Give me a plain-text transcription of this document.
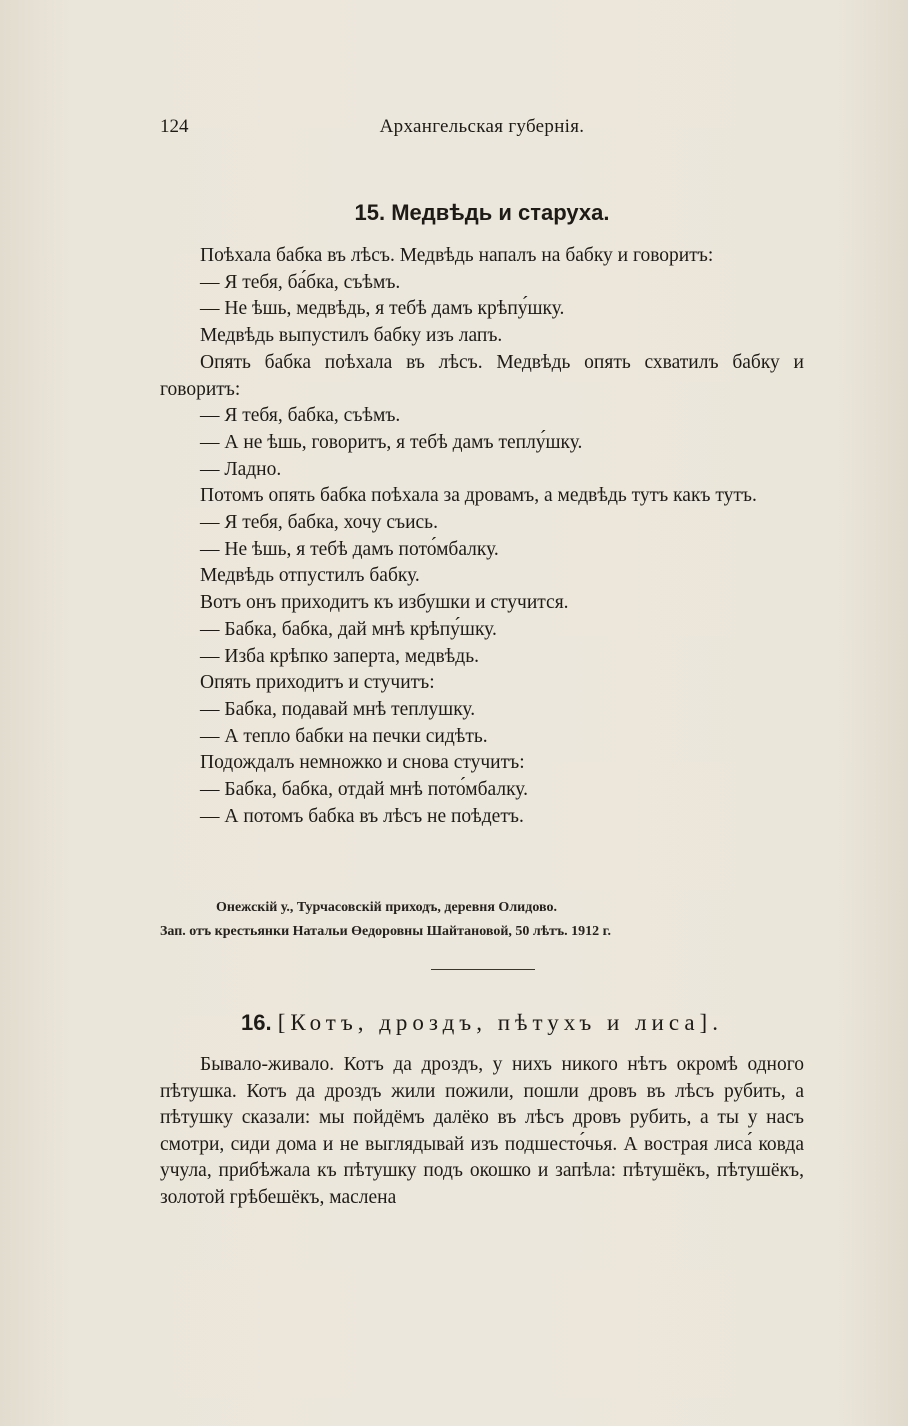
124	Архангельская губернія.
15. Медвѣдь и старуха.

Поѣхала бабка въ лѣсъ. Медвѣдь напалъ на бабку и говоритъ:

— Я тебя, ба́бка, съѣмъ.

— Не ѣшь, медвѣдь, я тебѣ дамъ крѣпу́шку.

Медвѣдь выпустилъ бабку изъ лапъ.

Опять бабка поѣхала въ лѣсъ. Медвѣдь опять схватилъ бабку и говоритъ:

— Я тебя, бабка, съѣмъ.

— А не ѣшь, говоритъ, я тебѣ дамъ теплу́шку.

— Ладно.

Потомъ опять бабка поѣхала за дровамъ, а медвѣдь тутъ какъ тутъ.

— Я тебя, бабка, хочу съись.

— Не ѣшь, я тебѣ дамъ пото́мбалку.

Медвѣдь отпустилъ бабку.

Вотъ онъ приходитъ къ избушки и стучится.

— Бабка, бабка, дай мнѣ крѣпу́шку.

— Изба крѣпко заперта, медвѣдь.

Опять приходитъ и стучитъ:

— Бабка, подавай мнѣ теплушку.

— А тепло бабки на печки сидѣть.

Подождалъ немножко и снова стучитъ:

— Бабка, бабка, отдай мнѣ пото́мбалку.

— А потомъ бабка въ лѣсъ не поѣдетъ.

Онежскій у., Турчасовскій приходъ, деревня Олидово.
Зап. отъ крестьянки Натальи Өедоровны Шайтановой, 50 лѣтъ. 1912 г.
16. [Котъ, дроздъ, пѣтухъ и лиса].

Бывало-живало. Котъ да дроздъ, у нихъ никого нѣтъ окромѣ одного пѣтушка. Котъ да дроздъ жили пожили, пошли дровъ въ лѣсъ рубить, а пѣтушку сказали: мы пойдёмъ далёко въ лѣсъ дровъ рубить, а ты у насъ смотри, сиди дома и не выглядывай изъ подшесто́чья. А вострая лиса́ ковда учула, прибѣжала къ пѣтушку подъ окошко и запѣла: пѣтушёкъ, пѣтушёкъ, золотой грѣбешёкъ, маслена
